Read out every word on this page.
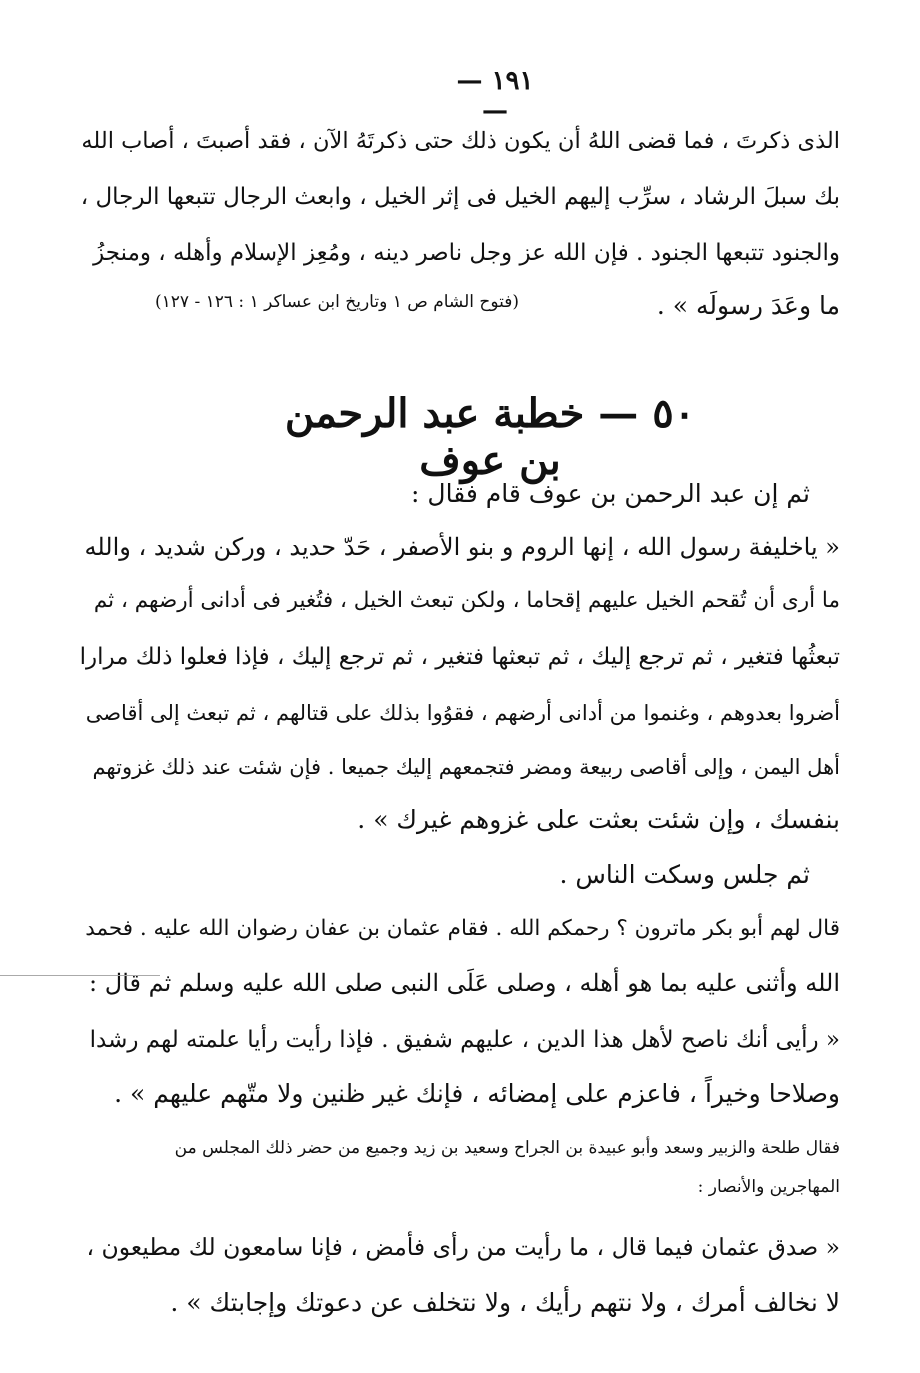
— ١٩١ —

الذى ذكرتَ ، فما قضى اللهُ أن يكون ذلك حتى ذكرتَهُ الآن ، فقد أصبتَ ، أصاب الله

بك سبلَ الرشاد ، سرِّب إليهم الخيل فى إثر الخيل ، وابعث الرجال تتبعها الرجال ،

والجنود تتبعها الجنود . فإن الله عز وجل ناصر دينه ، ومُعِز الإسلام وأهله ، ومنجزُ

ما وعَدَ رسولَه » .

(فتوح الشام ص ١ وتاريخ ابن عساكر ١ : ١٢٦ - ١٢٧)
٥٠ — خطبة عبد الرحمن بن عوف

ثم إن عبد الرحمن بن عوف قام فقال :

« ياخليفة رسول الله ، إنها الروم و بنو الأصفر ، حَدّ حديد ، وركن شديد ، والله

ما أرى أن تُقحم الخيل عليهم إقحاما ، ولكن تبعث الخيل ، فتُغير فى أدانى أرضهم ، ثم

تبعثُها فتغير ، ثم ترجع إليك ، ثم تبعثها فتغير ، ثم ترجع إليك ، فإذا فعلوا ذلك مرارا

أضروا بعدوهم ، وغنموا من أدانى أرضهم ، فقوُوا بذلك على قتالهم ، ثم تبعث إلى أقاصى

أهل اليمن ، وإلى أقاصى ربيعة ومضر فتجمعهم إليك جميعا . فإن شئت عند ذلك غزوتهم

بنفسك ، وإن شئت بعثت على غزوهم غيرك » .

ثم جلس وسكت الناس .

قال لهم أبو بكر ماترون ؟ رحمكم الله . فقام عثمان بن عفان رضوان الله عليه . فحمد

الله وأثنى عليه بما هو أهله ، وصلى عَلَى النبى صلى الله عليه وسلم ثم قال :

« رأيى أنك ناصح لأهل هذا الدين ، عليهم شفيق . فإذا رأيت رأيا علمته لهم رشدا

وصلاحا وخيراً ، فاعزم على إمضائه ، فإنك غير ظنين ولا متّهم عليهم » .

فقال طلحة والزبير وسعد وأبو عبيدة بن الجراح وسعيد بن زيد وجميع من حضر ذلك المجلس من

المهاجرين والأنصار :

« صدق عثمان فيما قال ، ما رأيت من رأى فأمض ، فإنا سامعون لك مطيعون ،

لا نخالف أمرك ، ولا نتهم رأيك ، ولا نتخلف عن دعوتك وإجابتك » .
